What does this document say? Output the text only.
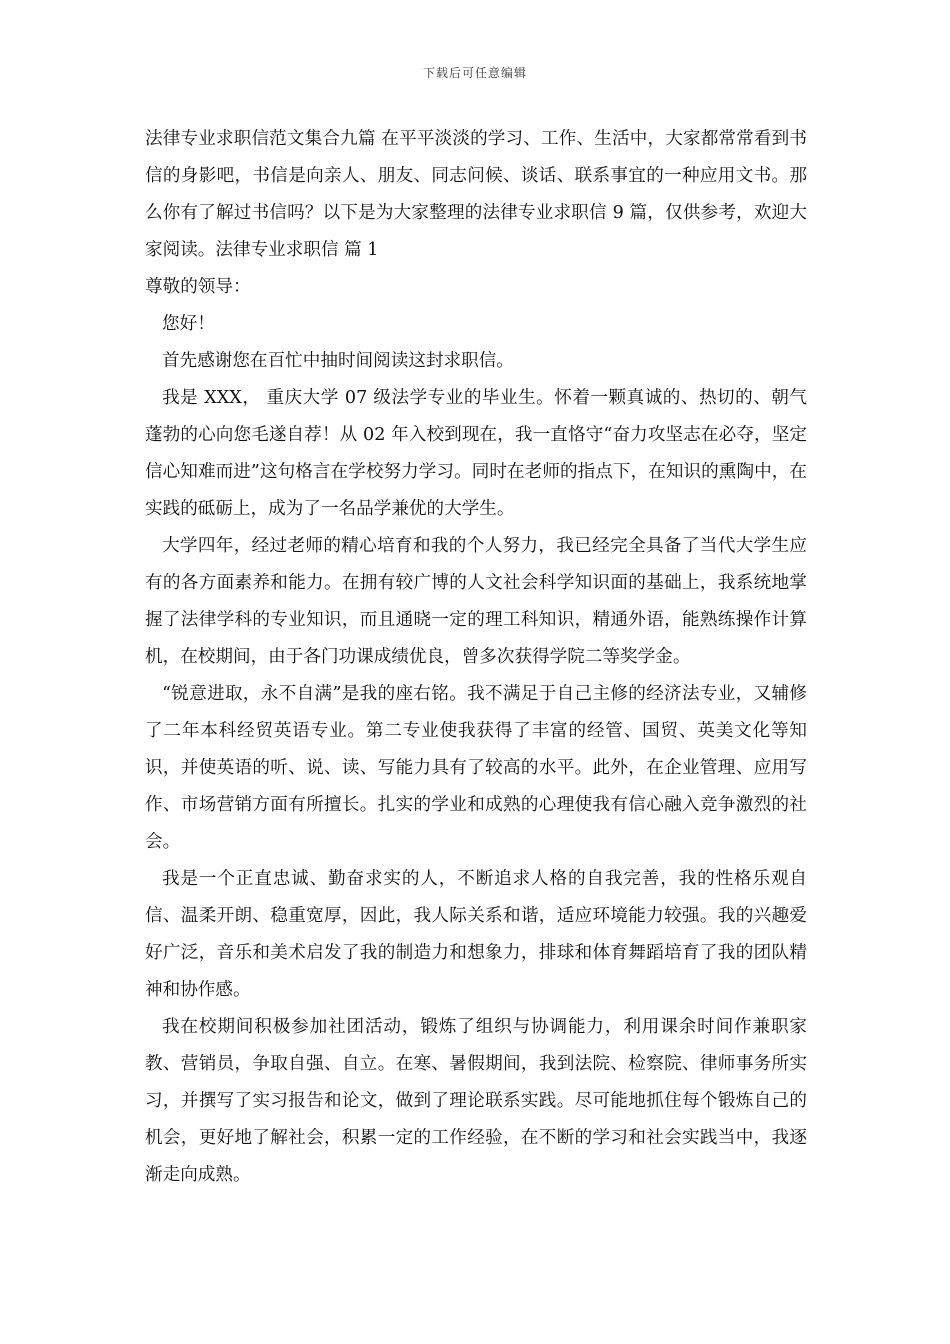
下载后可任意编辑

法律专业求职信范文集合九篇 在平平淡淡的学习、工作、生活中，大家都常常看到书信的身影吧，书信是向亲人、朋友、同志问候、谈话、联系事宜的一种应用文书。那么你有了解过书信吗？以下是为大家整理的法律专业求职信 9 篇，仅供参考，欢迎大家阅读。法律专业求职信 篇 1

尊敬的领导：

您好！

首先感谢您在百忙中抽时间阅读这封求职信。

我是 XXX， 重庆大学 07 级法学专业的毕业生。怀着一颗真诚的、热切的、朝气蓬勃的心向您毛遂自荐！从 02 年入校到现在，我一直恪守“奋力攻坚志在必夺，坚定信心知难而进”这句格言在学校努力学习。同时在老师的指点下，在知识的熏陶中，在实践的砥砺上，成为了一名品学兼优的大学生。

大学四年，经过老师的精心培育和我的个人努力，我已经完全具备了当代大学生应有的各方面素养和能力。在拥有较广博的人文社会科学知识面的基础上，我系统地掌握了法律学科的专业知识，而且通晓一定的理工科知识，精通外语，能熟练操作计算机，在校期间，由于各门功课成绩优良，曾多次获得学院二等奖学金。

“锐意进取，永不自满”是我的座右铭。我不满足于自己主修的经济法专业，又辅修了二年本科经贸英语专业。第二专业使我获得了丰富的经管、国贸、英美文化等知识，并使英语的听、说、读、写能力具有了较高的水平。此外，在企业管理、应用写作、市场营销方面有所擅长。扎实的学业和成熟的心理使我有信心融入竞争激烈的社会。

我是一个正直忠诚、勤奋求实的人，不断追求人格的自我完善，我的性格乐观自信、温柔开朗、稳重宽厚，因此，我人际关系和谐，适应环境能力较强。我的兴趣爱好广泛，音乐和美术启发了我的制造力和想象力，排球和体育舞蹈培育了我的团队精神和协作感。

我在校期间积极参加社团活动，锻炼了组织与协调能力，利用课余时间作兼职家教、营销员，争取自强、自立。在寒、暑假期间，我到法院、检察院、律师事务所实习，并撰写了实习报告和论文，做到了理论联系实践。尽可能地抓住每个锻炼自己的机会，更好地了解社会，积累一定的工作经验，在不断的学习和社会实践当中，我逐渐走向成熟。
